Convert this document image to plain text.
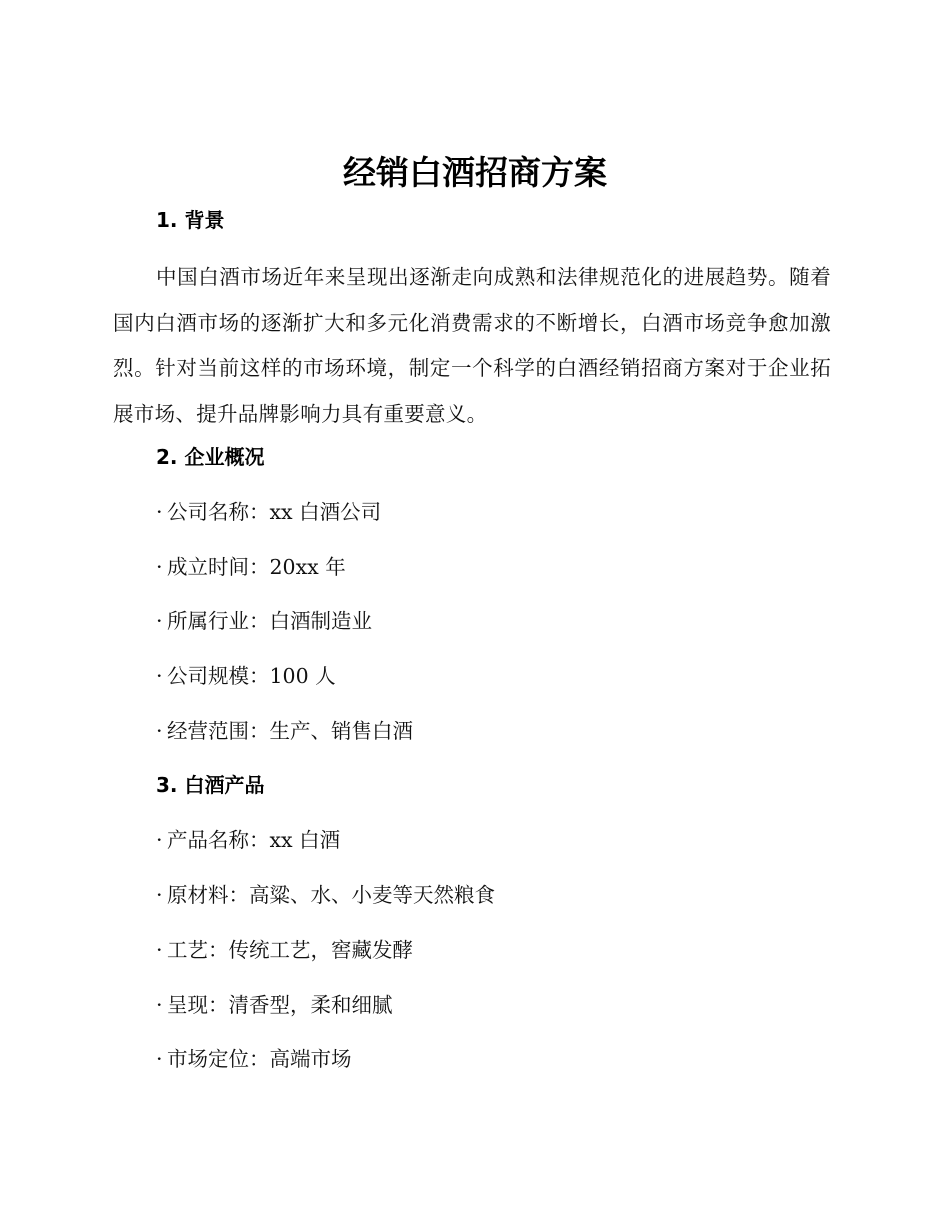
经销白酒招商方案
1. 背景

中国白酒市场近年来呈现出逐渐走向成熟和法律规范化的进展趋势。随着国内白酒市场的逐渐扩大和多元化消费需求的不断增长，白酒市场竞争愈加激烈。针对当前这样的市场环境，制定一个科学的白酒经销招商方案对于企业拓展市场、提升品牌影响力具有重要意义。

2. 企业概况

· 公司名称：xx 白酒公司

· 成立时间：20xx 年

· 所属行业：白酒制造业

· 公司规模：100 人

· 经营范围：生产、销售白酒

3. 白酒产品

· 产品名称：xx 白酒

· 原材料：高粱、水、小麦等天然粮食

· 工艺：传统工艺，窖藏发酵

· 呈现：清香型，柔和细腻

· 市场定位：高端市场
